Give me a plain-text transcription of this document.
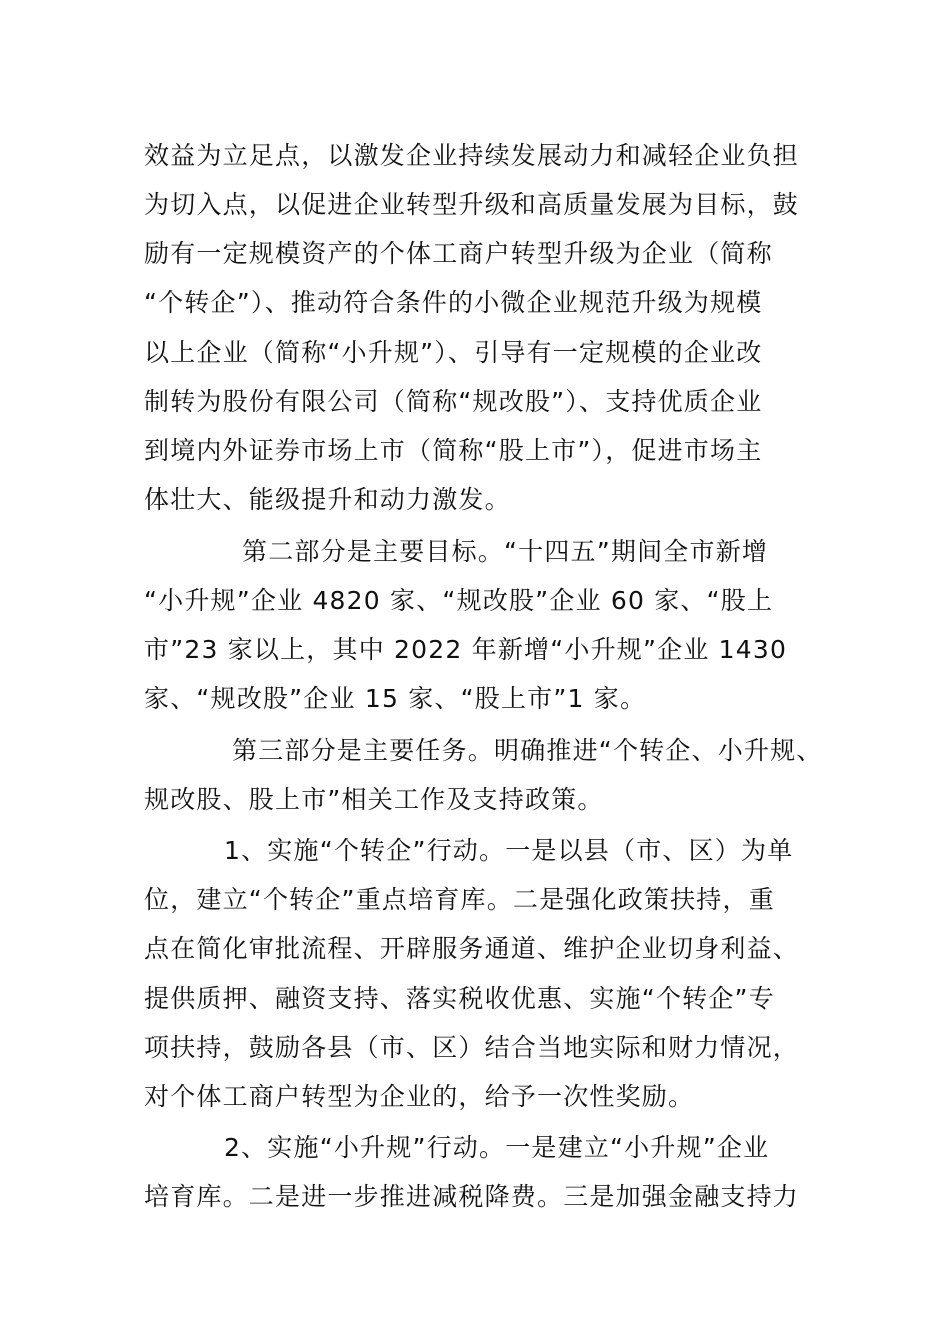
效益为立足点，以激发企业持续发展动力和减轻企业负担

为切入点，以促进企业转型升级和高质量发展为目标，鼓

励有一定规模资产的个体工商户转型升级为企业（简称

“个转企”）、推动符合条件的小微企业规范升级为规模

以上企业（简称“小升规”）、引导有一定规模的企业改

制转为股份有限公司（简称“规改股”）、支持优质企业

到境内外证券市场上市（简称“股上市”），促进市场主

体壮大、能级提升和动力激发。

第二部分是主要目标。“十四五”期间全市新增

“小升规”企业 4820 家、“规改股”企业 60 家、“股上

市”23 家以上，其中 2022 年新增“小升规”企业 1430

家、“规改股”企业 15 家、“股上市”1 家。

第三部分是主要任务。明确推进“个转企、小升规、

规改股、股上市”相关工作及支持政策。

1、实施“个转企”行动。一是以县（市、区）为单

位，建立“个转企”重点培育库。二是强化政策扶持，重

点在简化审批流程、开辟服务通道、维护企业切身利益、

提供质押、融资支持、落实税收优惠、实施“个转企”专

项扶持，鼓励各县（市、区）结合当地实际和财力情况，

对个体工商户转型为企业的，给予一次性奖励。

2、实施“小升规”行动。一是建立“小升规”企业

培育库。二是进一步推进减税降费。三是加强金融支持力
